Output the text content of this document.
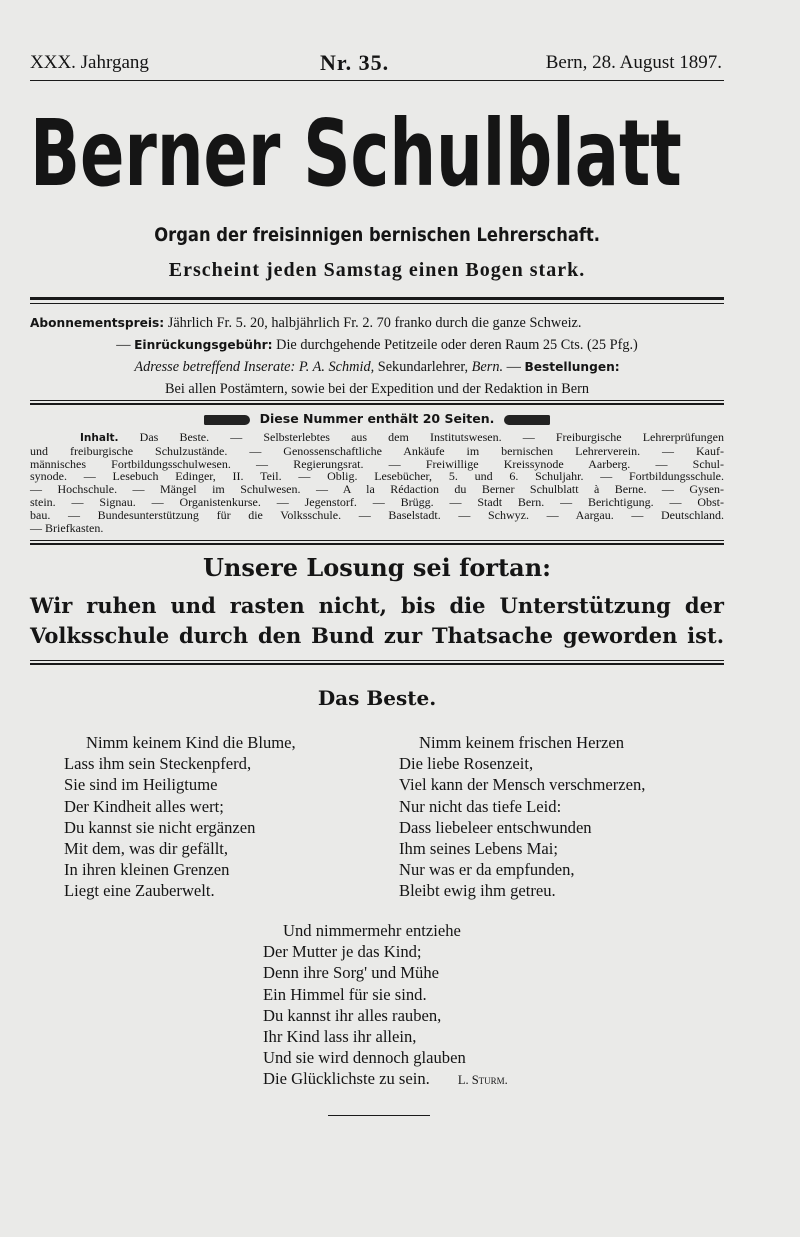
XXX. Jahrgang	Nr. 35.	Bern, 28. August 1897.
Berner Schulblatt
Organ der freisinnigen bernischen Lehrerschaft.
Erscheint jeden Samstag einen Bogen stark.
Abonnementspreis: Jährlich Fr. 5. 20, halbjährlich Fr. 2. 70 franko durch die ganze Schweiz.
— Einrückungsgebühr: Die durchgehende Petitzeile oder deren Raum 25 Cts. (25 Pfg.)
Adresse betreffend Inserate: P. A. Schmid, Sekundarlehrer, Bern. — Bestellungen:
Bei allen Postämtern, sowie bei der Expedition und der Redaktion in Bern
Diese Nummer enthält 20 Seiten.
Inhalt. Das Beste. — Selbsterlebtes aus dem Institutswesen. — Freiburgische Lehrerprüfungen
und freiburgische Schulzustände. — Genossenschaftliche Ankäufe im bernischen Lehrerverein. — Kauf-
männisches Fortbildungsschulwesen. — Regierungsrat. — Freiwillige Kreissynode Aarberg. — Schul-
synode. — Lesebuch Edinger, II. Teil. — Oblig. Lesebücher, 5. und 6. Schuljahr. — Fortbildungsschule.
— Hochschule. — Mängel im Schulwesen. — A la Rédaction du Berner Schulblatt à Berne. — Gysen-
stein. — Signau. — Organistenkurse. — Jegenstorf. — Brügg. — Stadt Bern. — Berichtigung. — Obst-
bau. — Bundesunterstützung für die Volksschule. — Baselstadt. — Schwyz. — Aargau. — Deutschland.
— Briefkasten.
Unsere Losung sei fortan:
Wir ruhen und rasten nicht, bis die Unterstützung der
Volksschule durch den Bund zur Thatsache geworden ist.
Das Beste.
Nimm keinem Kind die Blume,
Lass ihm sein Steckenpferd,
Sie sind im Heiligtume
Der Kindheit alles wert;
Du kannst sie nicht ergänzen
Mit dem, was dir gefällt,
In ihren kleinen Grenzen
Liegt eine Zauberwelt.
Nimm keinem frischen Herzen
Die liebe Rosenzeit,
Viel kann der Mensch verschmerzen,
Nur nicht das tiefe Leid:
Dass liebeleer entschwunden
Ihm seines Lebens Mai;
Nur was er da empfunden,
Bleibt ewig ihm getreu.
Und nimmermehr entziehe
Der Mutter je das Kind;
Denn ihre Sorg' und Mühe
Ein Himmel für sie sind.
Du kannst ihr alles rauben,
Ihr Kind lass ihr allein,
Und sie wird dennoch glauben
Die Glücklichste zu sein. L. Sturm.
